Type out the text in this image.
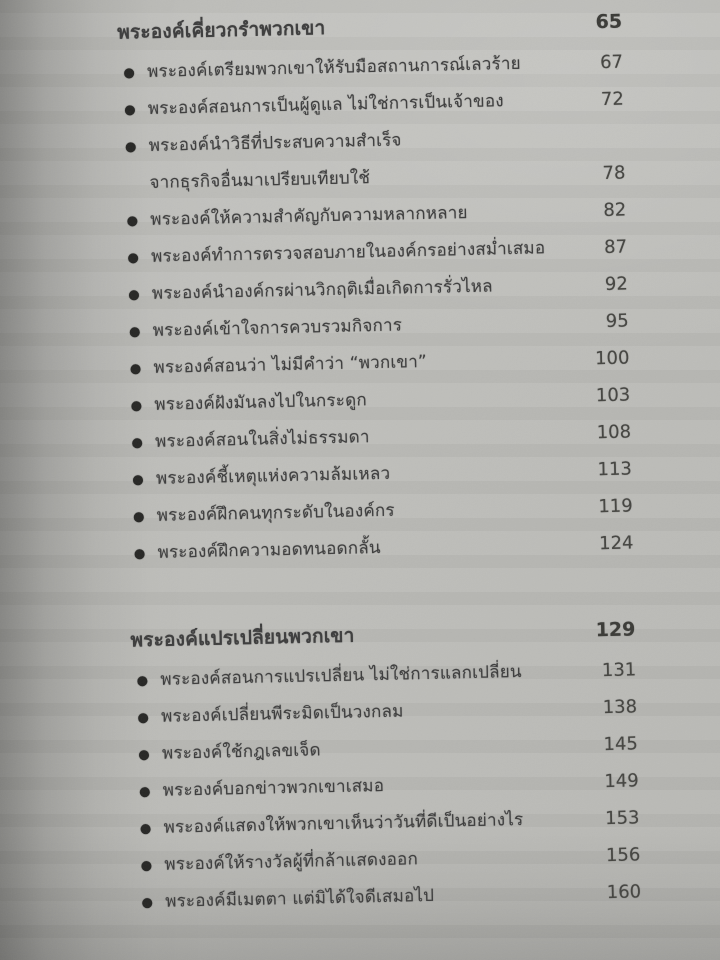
พระองค์เคี่ยวกรำพวกเขา	65
พระองค์เตรียมพวกเขาให้รับมือสถานการณ์เลวร้าย	67
พระองค์สอนการเป็นผู้ดูแล ไม่ใช่การเป็นเจ้าของ	72
พระองค์นำวิธีที่ประสบความสำเร็จ
จากธุรกิจอื่นมาเปรียบเทียบใช้	78
พระองค์ให้ความสำคัญกับความหลากหลาย	82
พระองค์ทำการตรวจสอบภายในองค์กรอย่างสม่ำเสมอ	87
พระองค์นำองค์กรผ่านวิกฤติเมื่อเกิดการรั่วไหล	92
พระองค์เข้าใจการควบรวมกิจการ	95
พระองค์สอนว่า ไม่มีคำว่า “พวกเขา”	100
พระองค์ฝังมันลงไปในกระดูก	103
พระองค์สอนในสิ่งไม่ธรรมดา	108
พระองค์ชี้เหตุแห่งความล้มเหลว	113
พระองค์ฝึกคนทุกระดับในองค์กร	119
พระองค์ฝึกความอดทนอดกลั้น	124
พระองค์แปรเปลี่ยนพวกเขา	129
พระองค์สอนการแปรเปลี่ยน ไม่ใช่การแลกเปลี่ยน	131
พระองค์เปลี่ยนพีระมิดเป็นวงกลม	138
พระองค์ใช้กฎเลขเจ็ด	145
พระองค์บอกข่าวพวกเขาเสมอ	149
พระองค์แสดงให้พวกเขาเห็นว่าวันที่ดีเป็นอย่างไร	153
พระองค์ให้รางวัลผู้ที่กล้าแสดงออก	156
พระองค์มีเมตตา แต่มิได้ใจดีเสมอไป	160
